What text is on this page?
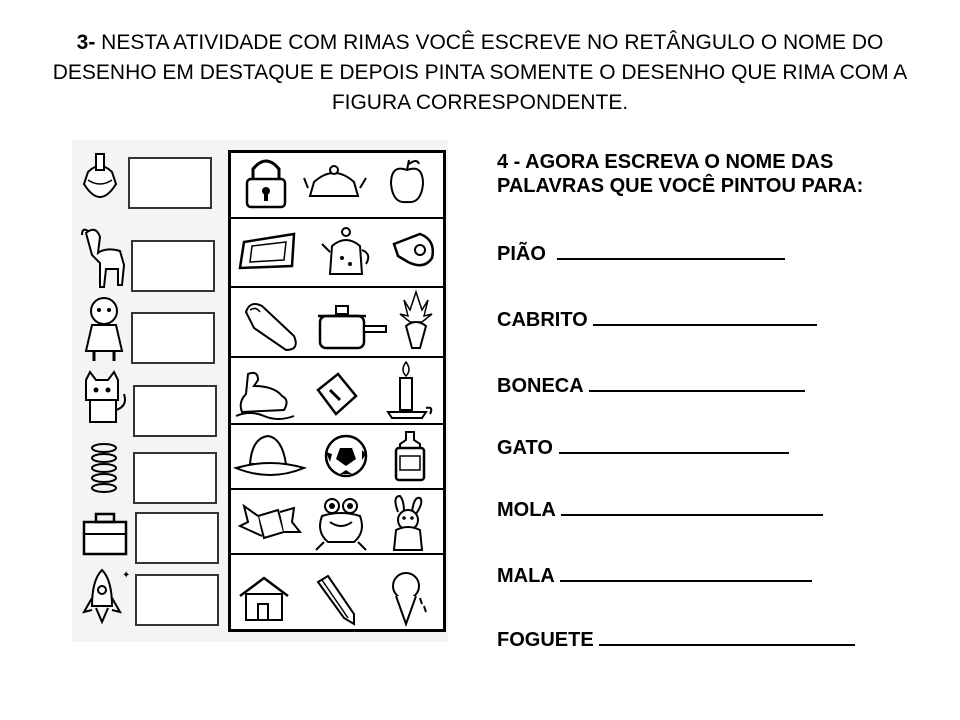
3- NESTA ATIVIDADE COM RIMAS VOCÊ ESCREVE NO RETÂNGULO O NOME DO DESENHO EM DESTAQUE E DEPOIS PINTA SOMENTE O DESENHO QUE RIMA COM A FIGURA CORRESPONDENTE.
✦

4 - AGORA ESCREVA O NOME DAS PALAVRAS QUE VOCÊ PINTOU PARA:

PIÃO
CABRITO
BONECA
GATO
MOLA
MALA
FOGUETE
